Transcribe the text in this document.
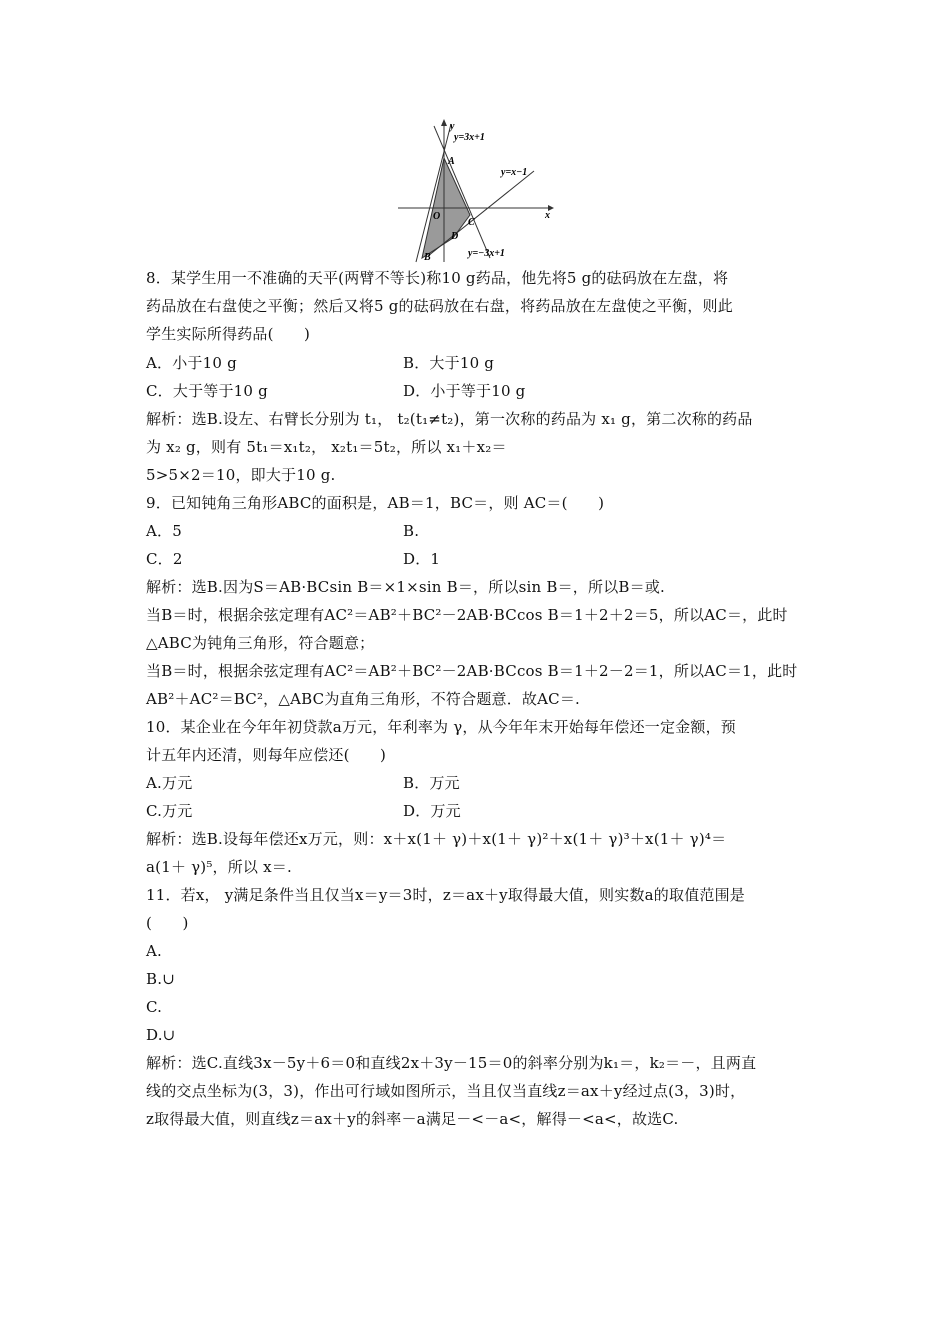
y
y=3x+1
A
y=x−1
x
O
C
D
y=−3x+1
B
8．某学生用一不准确的天平(两臂不等长)称10 g药品，他先将5 g的砝码放在左盘，将
药品放在右盘使之平衡；然后又将5 g的砝码放在右盘，将药品放在左盘使之平衡，则此
学生实际所得药品(　　)
A．小于10 g	B．大于10 g
C．大于等于10 g	D．小于等于10 g
解析：选B.设左、右臂长分别为 t₁， t₂(t₁≠t₂)，第一次称的药品为 x₁ g，第二次称的药品
为 x₂ g，则有 5t₁＝x₁t₂， x₂t₁＝5t₂，所以 x₁＋x₂＝
5>5×2＝10，即大于10 g.
9．已知钝角三角形ABC的面积是，AB＝1，BC＝，则 AC＝(　　)
A．5	B.
C．2	D．1
解析：选B.因为S＝AB·BCsin B＝×1×sin B＝，所以sin B＝，所以B＝或.
当B＝时，根据余弦定理有AC²＝AB²＋BC²－2AB·BCcos B＝1＋2＋2＝5，所以AC＝，此时
△ABC为钝角三角形，符合题意；
当B＝时，根据余弦定理有AC²＝AB²＋BC²－2AB·BCcos B＝1＋2－2＝1，所以AC＝1，此时
AB²＋AC²＝BC²，△ABC为直角三角形，不符合题意．故AC＝.
10．某企业在今年年初贷款a万元，年利率为 γ，从今年年末开始每年偿还一定金额，预
计五年内还清，则每年应偿还(　　)
A.万元	B．万元
C.万元	D．万元
解析：选B.设每年偿还x万元，则：x＋x(1＋ γ)＋x(1＋ γ)²＋x(1＋ γ)³＋x(1＋ γ)⁴＝
a(1＋ γ)⁵，所以 x＝.
11．若x， y满足条件当且仅当x＝y＝3时，z＝ax＋y取得最大值，则实数a的取值范围是
(　　)
A.
B.∪
C.
D.∪
解析：选C.直线3x－5y＋6＝0和直线2x＋3y－15＝0的斜率分别为k₁＝，k₂＝－，且两直
线的交点坐标为(3，3)，作出可行域如图所示，当且仅当直线z＝ax＋y经过点(3，3)时，
z取得最大值，则直线z＝ax＋y的斜率－a满足－<－a<，解得－<a<，故选C.
